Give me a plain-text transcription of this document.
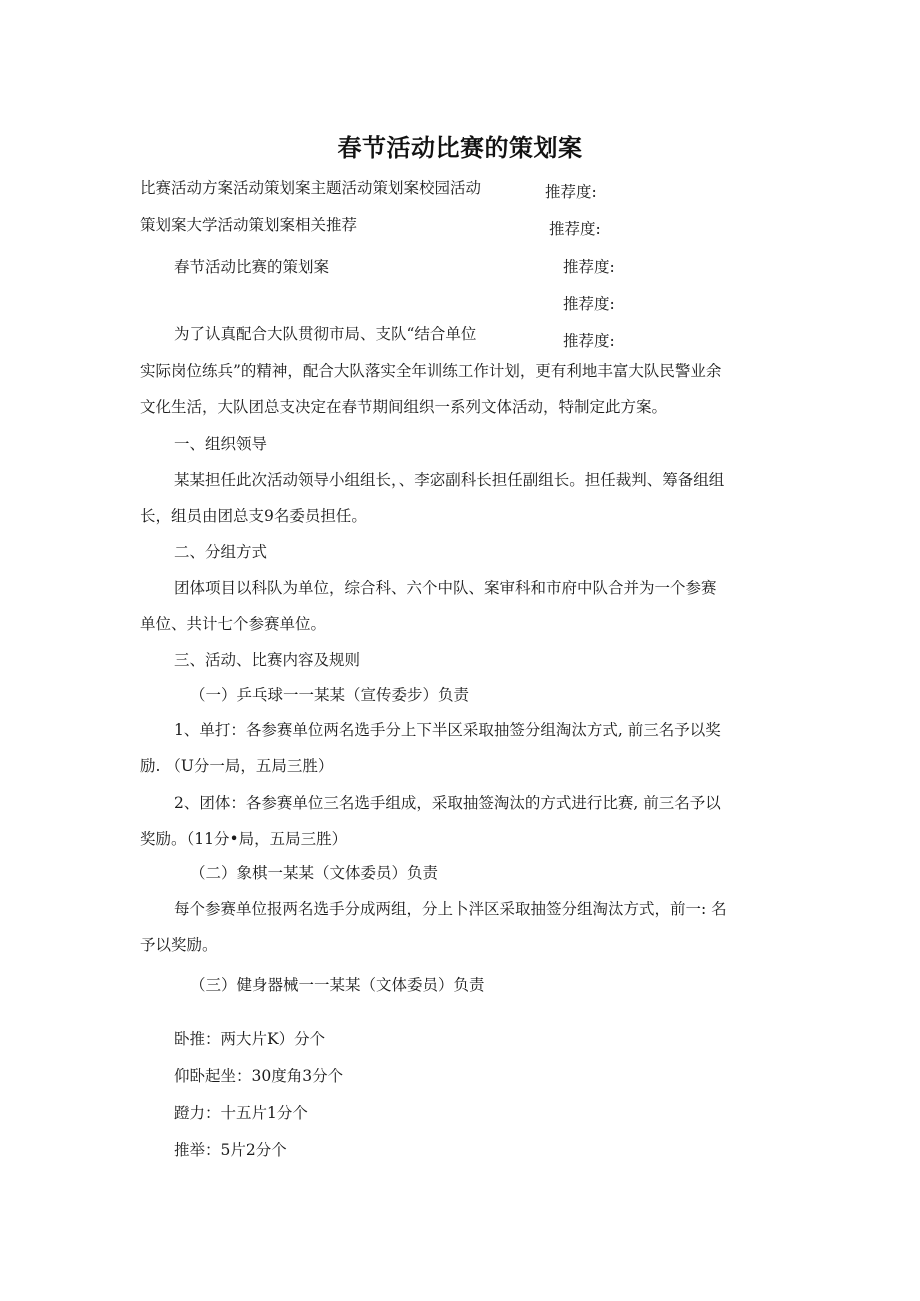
春节活动比赛的策划案
比赛活动方案活动策划案主题活动策划案校园活动
策划案大学活动策划案相关推荐
春节活动比赛的策划案
推荐度:
推荐度:
推荐度:
推荐度:
推荐度:
为了认真配合大队贯彻市局、支队“结合单位
实际岗位练兵”的精神，配合大队落实全年训练工作计划，更有利地丰富大队民警业余
文化生活，大队团总支决定在春节期间组织一系列文体活动，特制定此方案。
一、组织领导
某某担任此次活动领导小组组长，、李宓副科长担任副组长。担任裁判、筹备组组
长，组员由团总支9名委员担任。
二、分组方式
团体项目以科队为单位，综合科、六个中队、案审科和市府中队合并为一个参赛
单位、共计七个参赛单位。
三、活动、比赛内容及规则
（一）乒乓球一一某某（宣传委步）负责
1、单打：各参赛单位两名选手分上下半区采取抽签分组淘汰方式, 前三名予以奖
励. （U分一局，五局三胜）
2、团体：各参赛单位三名选手组成，采取抽签淘汰的方式进行比赛, 前三名予以
奖励。（11分•局，五局三胜）
（二）象棋一某某（文体委员）负责
每个参赛单位报两名选手分成两组，分上卜泮区采取抽签分组淘汰方式，前一: 名
予以奖励。
（三）健身器械一一某某（文体委员）负责
卧推：两大片K）分个
仰卧起坐：30度角3分个
蹬力：十五片1分个
推举：5片2分个
